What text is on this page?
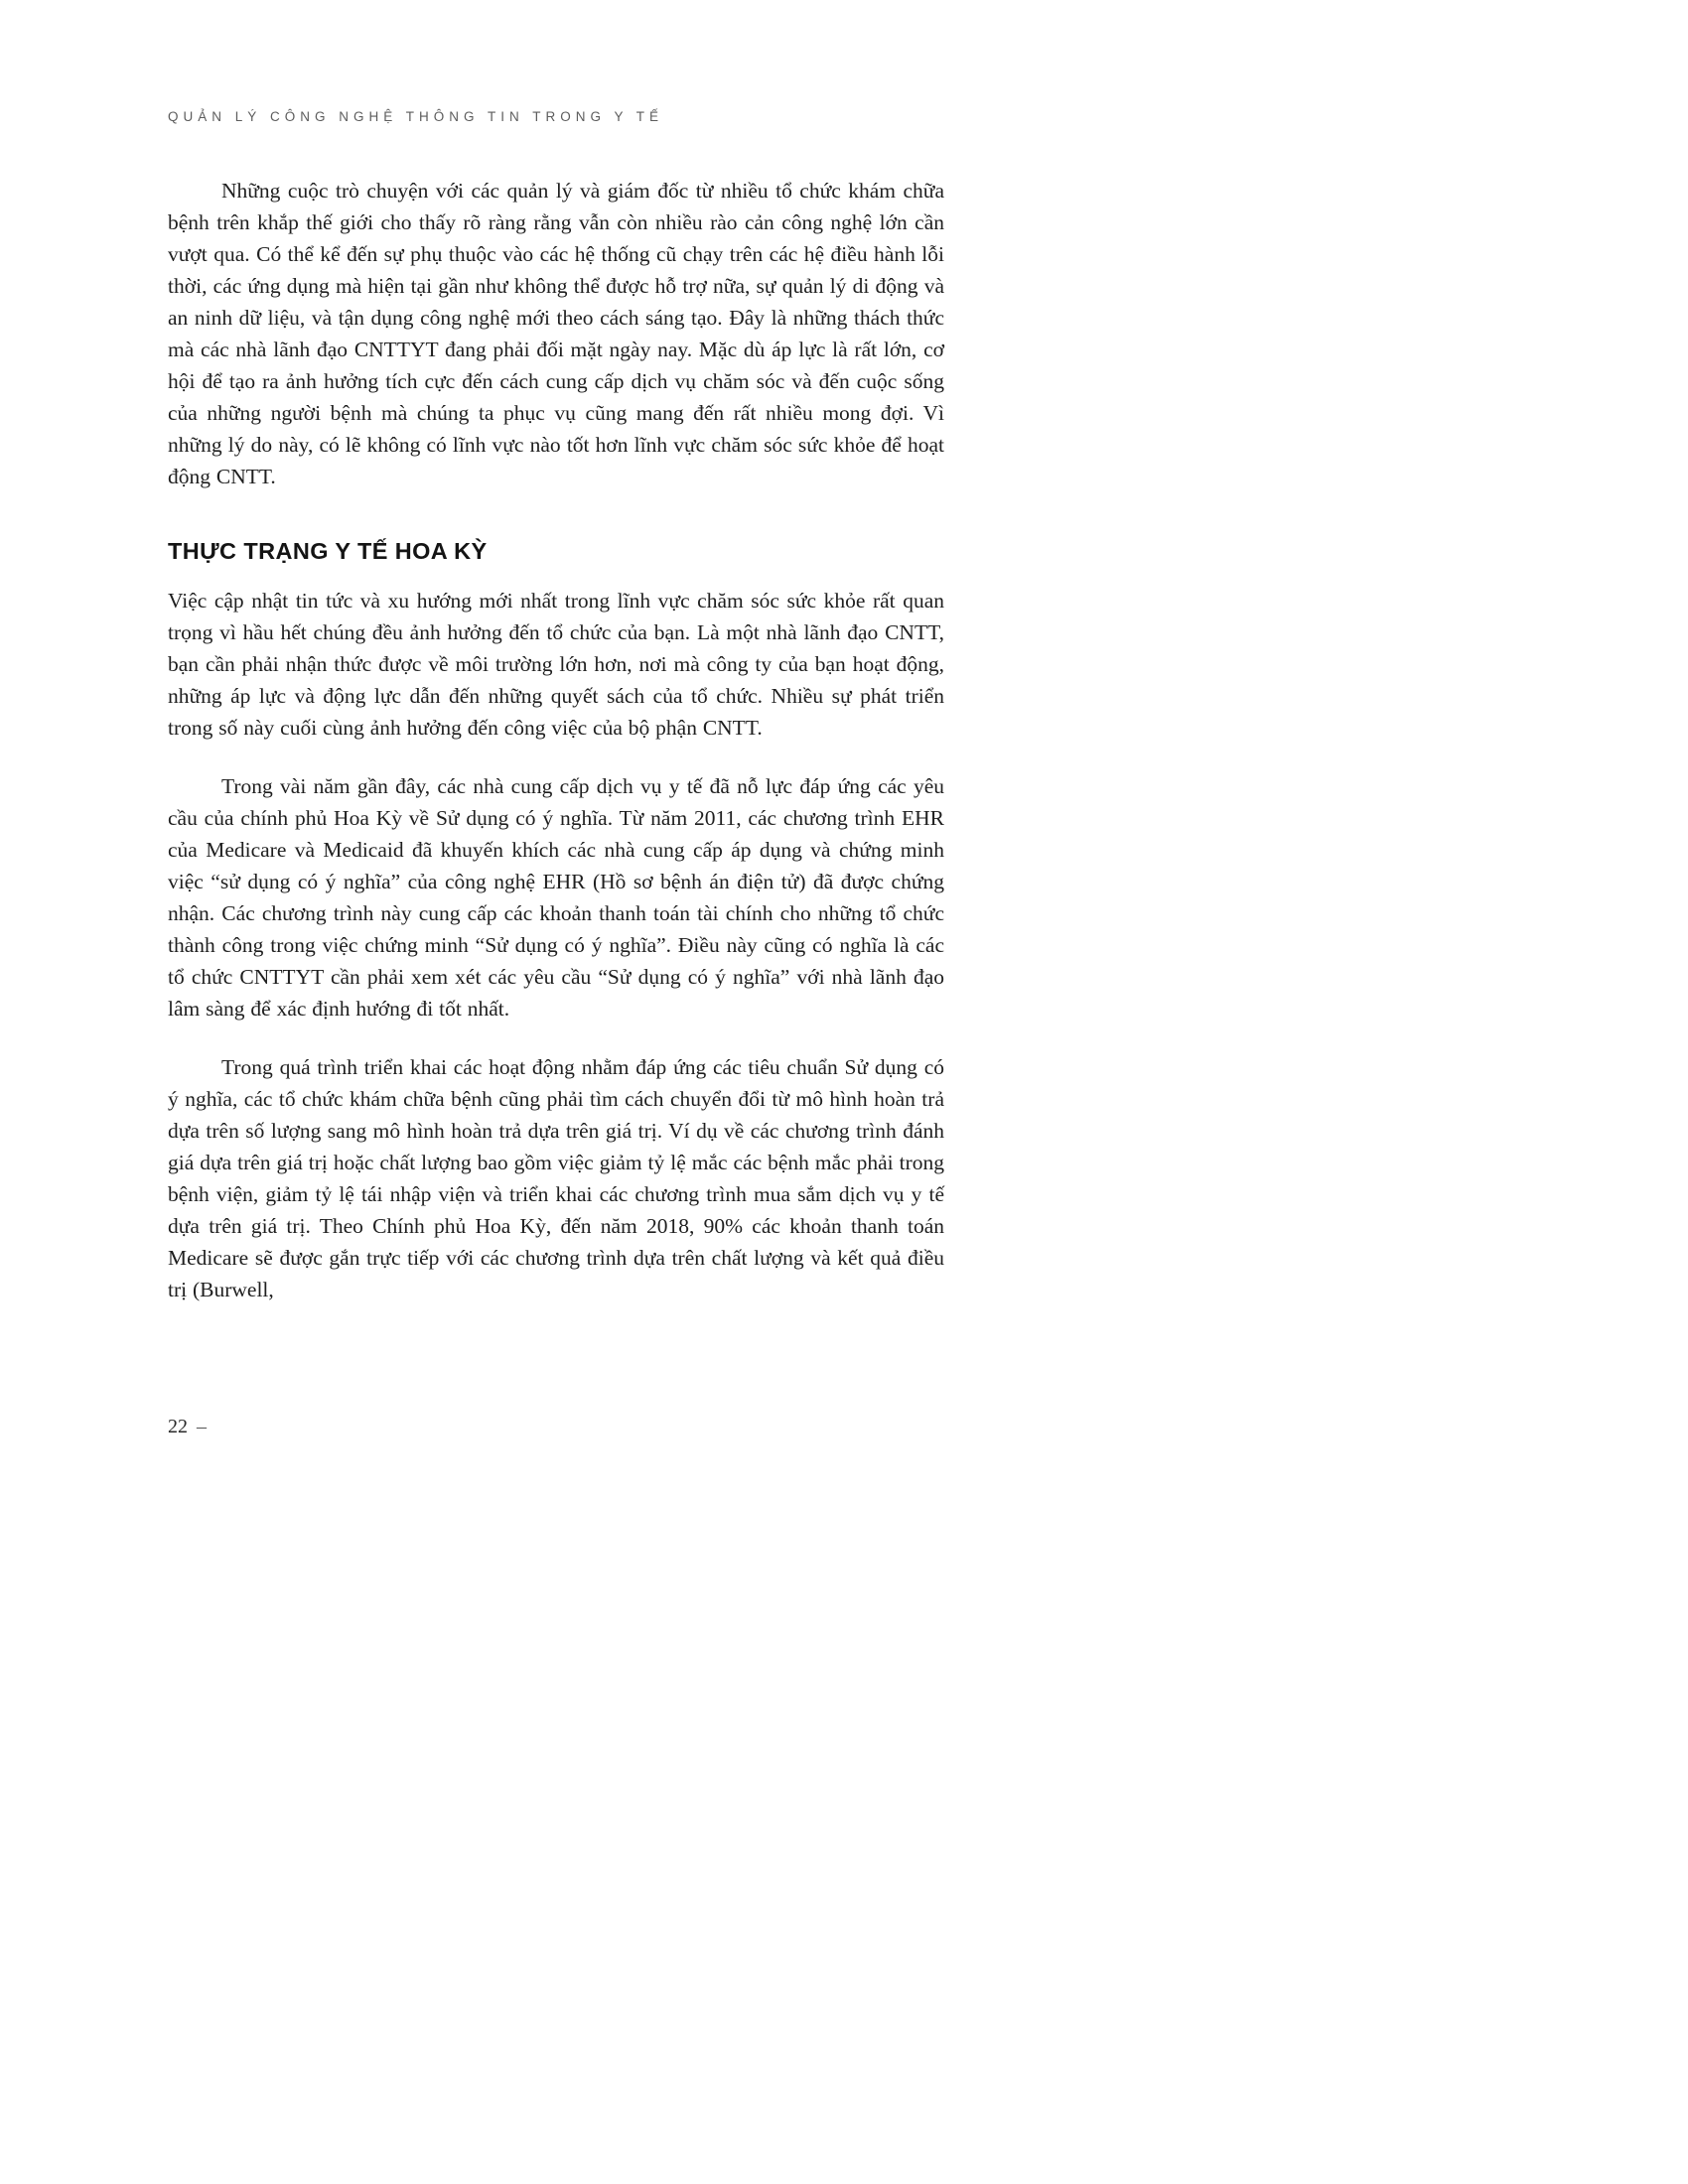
QUẢN LÝ CÔNG NGHỆ THÔNG TIN TRONG Y TẾ

Những cuộc trò chuyện với các quản lý và giám đốc từ nhiều tổ chức khám chữa bệnh trên khắp thế giới cho thấy rõ ràng rằng vẫn còn nhiều rào cản công nghệ lớn cần vượt qua. Có thể kể đến sự phụ thuộc vào các hệ thống cũ chạy trên các hệ điều hành lỗi thời, các ứng dụng mà hiện tại gần như không thể được hỗ trợ nữa, sự quản lý di động và an ninh dữ liệu, và tận dụng công nghệ mới theo cách sáng tạo. Đây là những thách thức mà các nhà lãnh đạo CNTTYT đang phải đối mặt ngày nay. Mặc dù áp lực là rất lớn, cơ hội để tạo ra ảnh hưởng tích cực đến cách cung cấp dịch vụ chăm sóc và đến cuộc sống của những người bệnh mà chúng ta phục vụ cũng mang đến rất nhiều mong đợi. Vì những lý do này, có lẽ không có lĩnh vực nào tốt hơn lĩnh vực chăm sóc sức khỏe để hoạt động CNTT.

THỰC TRẠNG Y TẾ HOA KỲ

Việc cập nhật tin tức và xu hướng mới nhất trong lĩnh vực chăm sóc sức khỏe rất quan trọng vì hầu hết chúng đều ảnh hưởng đến tổ chức của bạn. Là một nhà lãnh đạo CNTT, bạn cần phải nhận thức được về môi trường lớn hơn, nơi mà công ty của bạn hoạt động, những áp lực và động lực dẫn đến những quyết sách của tổ chức. Nhiều sự phát triển trong số này cuối cùng ảnh hưởng đến công việc của bộ phận CNTT.

Trong vài năm gần đây, các nhà cung cấp dịch vụ y tế đã nỗ lực đáp ứng các yêu cầu của chính phủ Hoa Kỳ về Sử dụng có ý nghĩa. Từ năm 2011, các chương trình EHR của Medicare và Medicaid đã khuyến khích các nhà cung cấp áp dụng và chứng minh việc “sử dụng có ý nghĩa” của công nghệ EHR (Hồ sơ bệnh án điện tử) đã được chứng nhận. Các chương trình này cung cấp các khoản thanh toán tài chính cho những tổ chức thành công trong việc chứng minh “Sử dụng có ý nghĩa”. Điều này cũng có nghĩa là các tổ chức CNTTYT cần phải xem xét các yêu cầu “Sử dụng có ý nghĩa” với nhà lãnh đạo lâm sàng để xác định hướng đi tốt nhất.

Trong quá trình triển khai các hoạt động nhằm đáp ứng các tiêu chuẩn Sử dụng có ý nghĩa, các tổ chức khám chữa bệnh cũng phải tìm cách chuyển đổi từ mô hình hoàn trả dựa trên số lượng sang mô hình hoàn trả dựa trên giá trị. Ví dụ về các chương trình đánh giá dựa trên giá trị hoặc chất lượng bao gồm việc giảm tỷ lệ mắc các bệnh mắc phải trong bệnh viện, giảm tỷ lệ tái nhập viện và triển khai các chương trình mua sắm dịch vụ y tế dựa trên giá trị. Theo Chính phủ Hoa Kỳ, đến năm 2018, 90% các khoản thanh toán Medicare sẽ được gắn trực tiếp với các chương trình dựa trên chất lượng và kết quả điều trị (Burwell,

22 –
